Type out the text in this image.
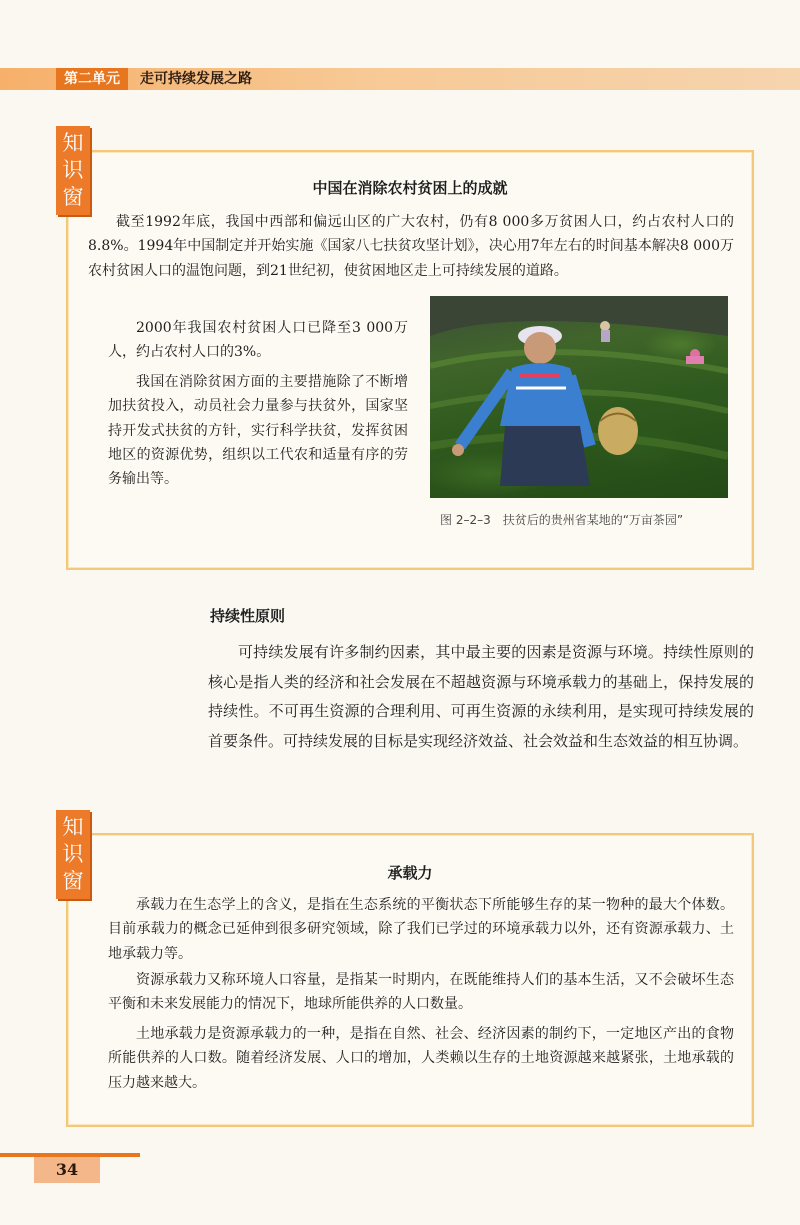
第二单元	走可持续发展之路
中国在消除农村贫困上的成就
知识窗

截至1992年底，我国中西部和偏远山区的广大农村，仍有8 000多万贫困人口，约占农村人口的8.8%。1994年中国制定并开始实施《国家八七扶贫攻坚计划》，决心用7年左右的时间基本解决8 000万农村贫困人口的温饱问题，到21世纪初，使贫困地区走上可持续发展的道路。

2000年我国农村贫困人口已降至3 000万人，约占农村人口的3%。

我国在消除贫困方面的主要措施除了不断增加扶贫投入，动员社会力量参与扶贫外，国家坚持开发式扶贫的方针，实行科学扶贫，发挥贫困地区的资源优势，组织以工代农和适量有序的劳务输出等。

图 2–2–3　扶贫后的贵州省某地的“万亩茶园”
持续性原则

可持续发展有许多制约因素，其中最主要的因素是资源与环境。持续性原则的核心是指人类的经济和社会发展在不超越资源与环境承载力的基础上，保持发展的持续性。不可再生资源的合理利用、可再生资源的永续利用，是实现可持续发展的首要条件。可持续发展的目标是实现经济效益、社会效益和生态效益的相互协调。

承载力
知识窗

承载力在生态学上的含义，是指在生态系统的平衡状态下所能够生存的某一物种的最大个体数。目前承载力的概念已延伸到很多研究领域，除了我们已学过的环境承载力以外，还有资源承载力、土地承载力等。

资源承载力又称环境人口容量，是指某一时期内，在既能维持人们的基本生活，又不会破坏生态平衡和未来发展能力的情况下，地球所能供养的人口数量。

土地承载力是资源承载力的一种，是指在自然、社会、经济因素的制约下，一定地区产出的食物所能供养的人口数。随着经济发展、人口的增加，人类赖以生存的土地资源越来越紧张，土地承载的压力越来越大。

34
